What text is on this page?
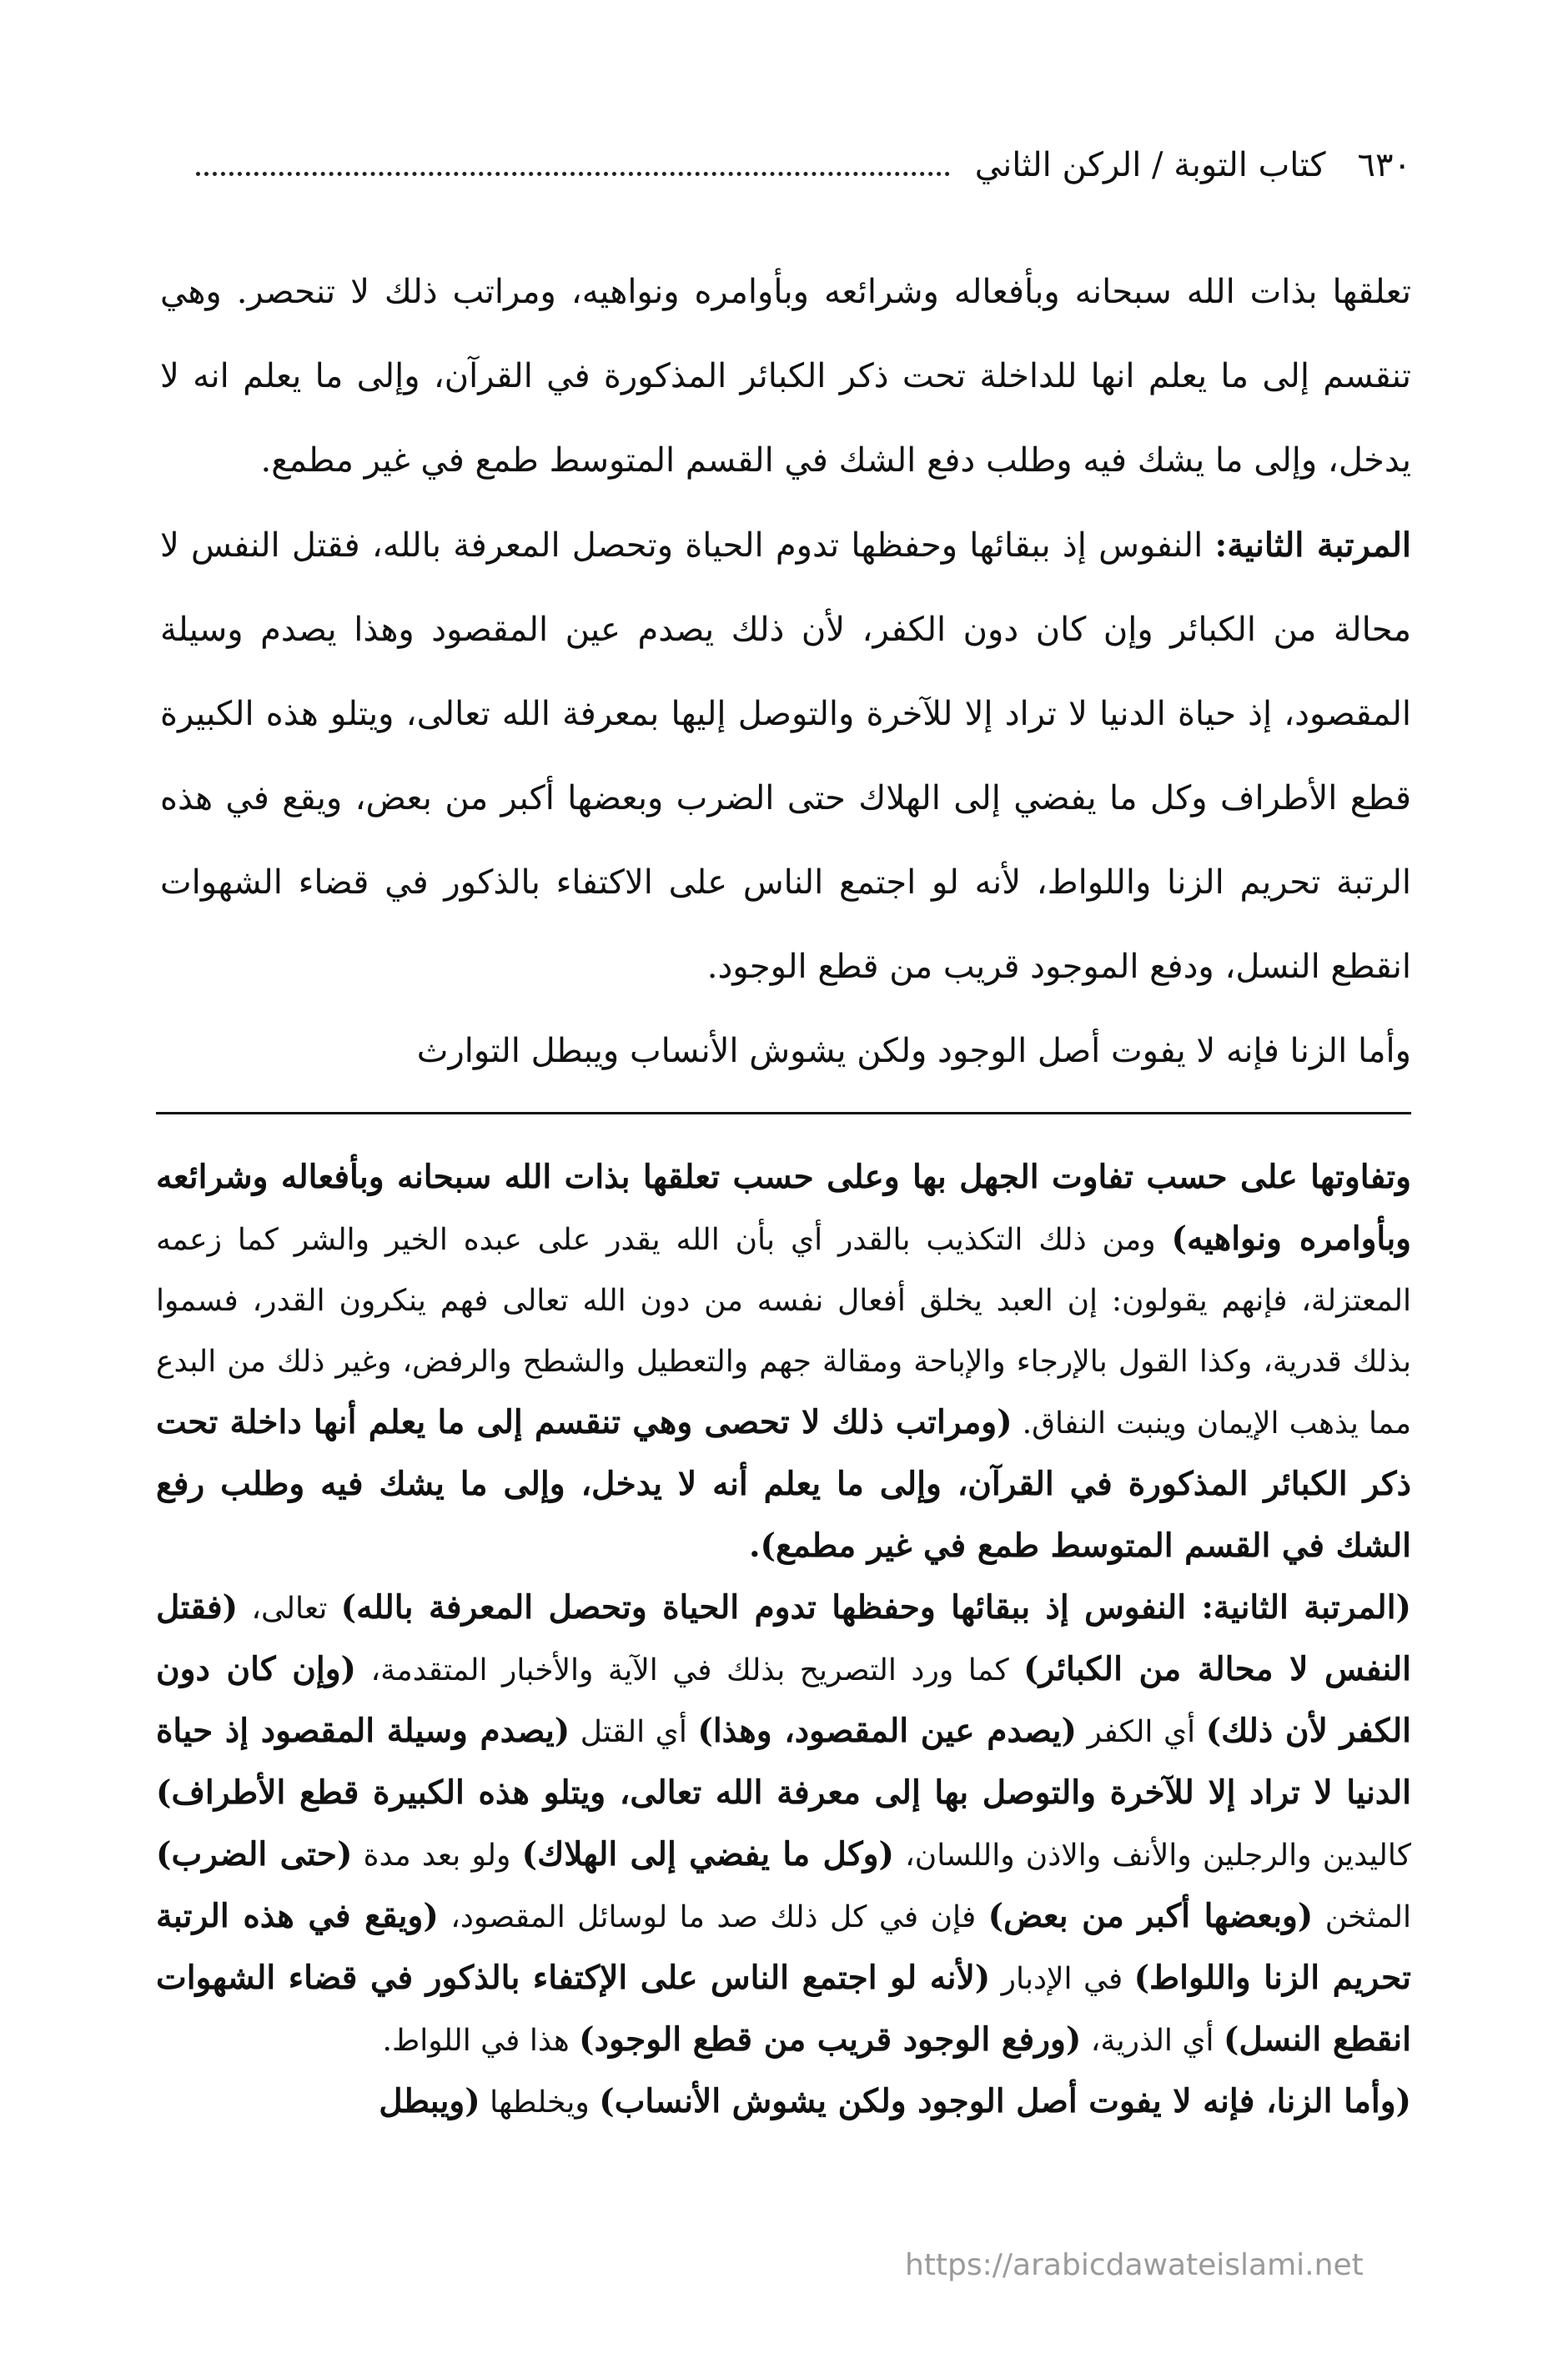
٦٣٠
كتاب التوبة / الركن الثاني

تعلقها بذات الله سبحانه وبأفعاله وشرائعه وبأوامره ونواهيه، ومراتب ذلك لا تنحصر. وهي تنقسم إلى ما يعلم انها للداخلة تحت ذكر الكبائر المذكورة في القرآن، وإلى ما يعلم انه لا يدخل، وإلى ما يشك فيه وطلب دفع الشك في القسم المتوسط طمع في غير مطمع.

المرتبة الثانية: النفوس إذ ببقائها وحفظها تدوم الحياة وتحصل المعرفة بالله، فقتل النفس لا محالة من الكبائر وإن كان دون الكفر، لأن ذلك يصدم عين المقصود وهذا يصدم وسيلة المقصود، إذ حياة الدنيا لا تراد إلا للآخرة والتوصل إليها بمعرفة الله تعالى، ويتلو هذه الكبيرة قطع الأطراف وكل ما يفضي إلى الهلاك حتى الضرب وبعضها أكبر من بعض، ويقع في هذه الرتبة تحريم الزنا واللواط، لأنه لو اجتمع الناس على الاكتفاء بالذكور في قضاء الشهوات انقطع النسل، ودفع الموجود قريب من قطع الوجود.

وأما الزنا فإنه لا يفوت أصل الوجود ولكن يشوش الأنساب ويبطل التوارث

وتفاوتها على حسب تفاوت الجهل بها وعلى حسب تعلقها بذات الله سبحانه وبأفعاله وشرائعه وبأوامره ونواهيه) ومن ذلك التكذيب بالقدر أي بأن الله يقدر على عبده الخير والشر كما زعمه المعتزلة، فإنهم يقولون: إن العبد يخلق أفعال نفسه من دون الله تعالى فهم ينكرون القدر، فسموا بذلك قدرية، وكذا القول بالإرجاء والإباحة ومقالة جهم والتعطيل والشطح والرفض، وغير ذلك من البدع مما يذهب الإيمان وينبت النفاق. (ومراتب ذلك لا تحصى وهي تنقسم إلى ما يعلم أنها داخلة تحت ذكر الكبائر المذكورة في القرآن، وإلى ما يعلم أنه لا يدخل، وإلى ما يشك فيه وطلب رفع الشك في القسم المتوسط طمع في غير مطمع).

(المرتبة الثانية: النفوس إذ ببقائها وحفظها تدوم الحياة وتحصل المعرفة بالله) تعالى، (فقتل النفس لا محالة من الكبائر) كما ورد التصريح بذلك في الآية والأخبار المتقدمة، (وإن كان دون الكفر لأن ذلك) أي الكفر (يصدم عين المقصود، وهذا) أي القتل (يصدم وسيلة المقصود إذ حياة الدنيا لا تراد إلا للآخرة والتوصل بها إلى معرفة الله تعالى، ويتلو هذه الكبيرة قطع الأطراف) كاليدين والرجلين والأنف والاذن واللسان، (وكل ما يفضي إلى الهلاك) ولو بعد مدة (حتى الضرب) المثخن (وبعضها أكبر من بعض) فإن في كل ذلك صد ما لوسائل المقصود، (ويقع في هذه الرتبة تحريم الزنا واللواط) في الإدبار (لأنه لو اجتمع الناس على الإكتفاء بالذكور في قضاء الشهوات انقطع النسل) أي الذرية، (ورفع الوجود قريب من قطع الوجود) هذا في اللواط.

(وأما الزنا، فإنه لا يفوت أصل الوجود ولكن يشوش الأنساب) ويخلطها (ويبطل

https://arabicdawateislami.net
